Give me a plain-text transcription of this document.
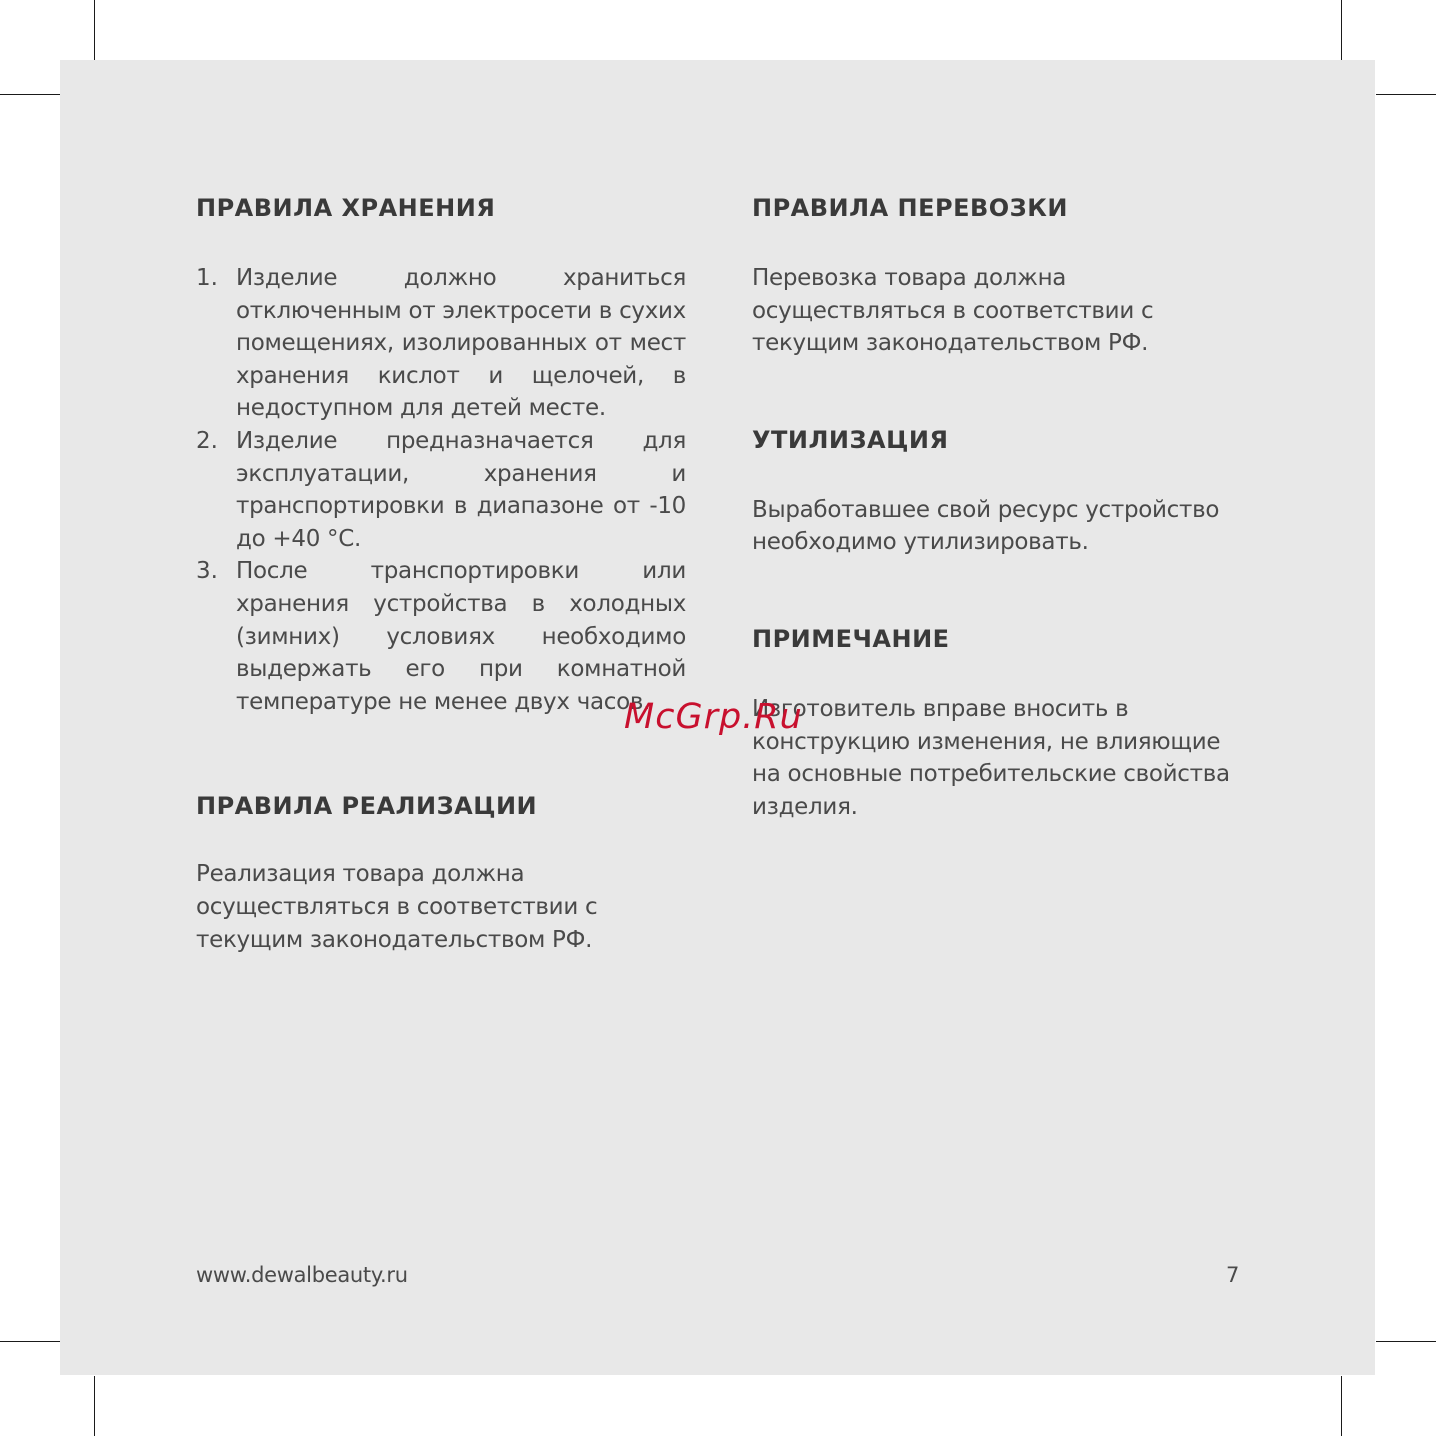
ПРАВИЛА ХРАНЕНИЯ
1. Изделие должно храниться отключенным от электросети в сухих помещениях, изолированных от мест хранения кислот и щелочей, в недоступном для детей месте.

2. Изделие предназначается для эксплуатации, хранения и транспортировки в диапазоне от -10 до +40 °С.

3. После транспортировки или хранения устройства в холодных (зимних) условиях необходимо выдержать его при комнатной температуре не менее двух часов.

ПРАВИЛА РЕАЛИЗАЦИИ

Реализация товара должна осуществляться в соответствии с текущим законодательством РФ.

ПРАВИЛА ПЕРЕВОЗКИ

Перевозка товара должна осуществляться в соответствии с текущим законодательством РФ.

УТИЛИЗАЦИЯ

Выработавшее свой ресурс устройство необходимо утилизировать.

ПРИМЕЧАНИЕ

Изготовитель вправе вносить в конструкцию изменения, не влияющие на основные потребительские свойства изделия.

McGrp.Ru
www.dewalbeauty.ru	7
